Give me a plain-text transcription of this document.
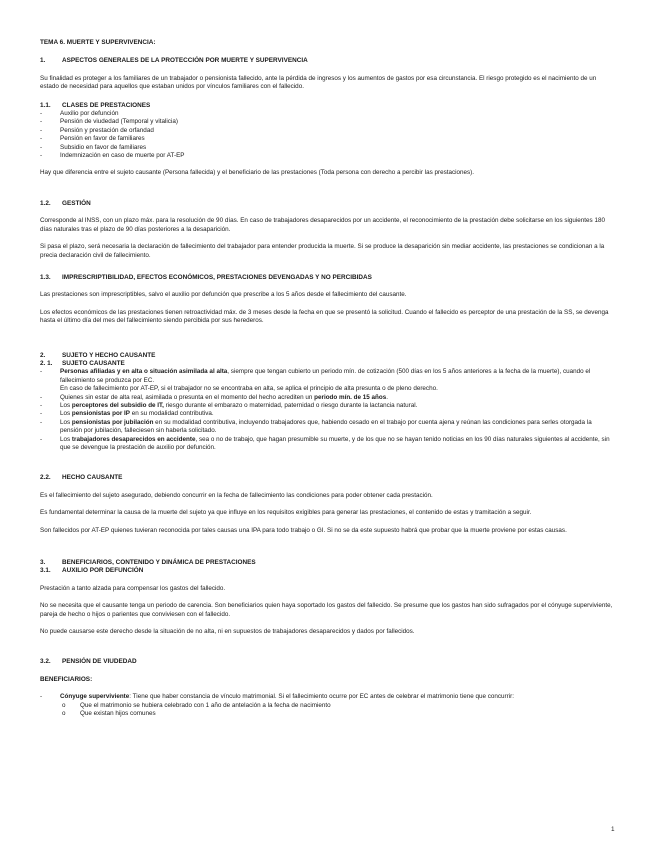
TEMA 6. MUERTE Y SUPERVIVENCIA:
1.	ASPECTOS GENERALES DE LA PROTECCIÓN POR MUERTE Y SUPERVIVENCIA
Su finalidad es proteger a los familiares de un trabajador o pensionista fallecido, ante la pérdida de ingresos y los aumentos de gastos por esa circunstancia. El riesgo protegido es el nacimiento de un estado de necesidad para aquellos que estaban unidos por vínculos familiares con el fallecido.
1.1. CLASES DE PRESTACIONES
- Auxilio por defunción
- Pensión de viudedad (Temporal y vitalicia)
- Pensión y prestación de orfandad
- Pensión en favor de familiares
- Subsidio en favor de familiares
- Indemnización en caso de muerte por AT-EP
Hay que diferencia entre el sujeto causante (Persona fallecida) y el beneficiario de las prestaciones (Toda persona con derecho a percibir las prestaciones).
1.2. GESTIÓN
Corresponde al INSS, con un plazo máx. para la resolución de 90 días. En caso de trabajadores desaparecidos por un accidente, el reconocimiento de la prestación debe solicitarse en los siguientes 180 días naturales tras el plazo de 90 días posteriores a la desaparición.
Si pasa el plazo, será necesaria la declaración de fallecimiento del trabajador para entender producida la muerte. Si se produce la desaparición sin mediar accidente, las prestaciones se condicionan a la precia declaración civil de fallecimiento.
1.3. IMPRESCRIPTIBILIDAD, EFECTOS ECONÓMICOS, PRESTACIONES DEVENGADAS Y NO PERCIBIDAS
Las prestaciones son imprescriptibles, salvo el auxilio por defunción que prescribe a los 5 años desde el fallecimiento del causante.
Los efectos económicos de las prestaciones tienen retroactividad máx. de 3 meses desde la fecha en que se presentó la solicitud. Cuando el fallecido es perceptor de una prestación de la SS, se devenga hasta el último día del mes del fallecimiento siendo percibida por sus herederos.
2.	SUJETO Y HECHO CAUSANTE
2. 1. SUJETO CAUSANTE
- Personas afiliadas y en alta o situación asimilada al alta, siempre que tengan cubierto un periodo mín. de cotización (500 días en los 5 años anteriores a la fecha de la muerte), cuando el fallecimiento se produzca por EC.
En caso de fallecimiento por AT-EP, si el trabajador no se encontraba en alta, se aplica el principio de alta presunta o de pleno derecho.
- Quienes sin estar de alta real, asimilada o presunta en el momento del hecho acrediten un periodo mín. de 15 años.
- Los perceptores del subsidio de IT, riesgo durante el embarazo o maternidad, paternidad o riesgo durante la lactancia natural.
- Los pensionistas por IP en su modalidad contributiva.
- Los pensionistas por jubilación en su modalidad contributiva, incluyendo trabajadores que, habiendo cesado en el trabajo por cuenta ajena y reúnan las condiciones para serles otorgada la pensión por jubilación, falleciesen sin haberla solicitado.
- Los trabajadores desaparecidos en accidente, sea o no de trabajo, que hagan presumible su muerte, y de los que no se hayan tenido noticias en los 90 días naturales siguientes al accidente, sin que se devengue la prestación de auxilio por defunción.
2.2. HECHO CAUSANTE
Es el fallecimiento del sujeto asegurado, debiendo concurrir en la fecha de fallecimiento las condiciones para poder obtener cada prestación.
Es fundamental determinar la causa de la muerte del sujeto ya que influye en los requisitos exigibles para generar las prestaciones, el contenido de estas y tramitación a seguir.
Son fallecidos por AT-EP quienes tuvieran reconocida por tales causas una IPA para todo trabajo o GI. Si no se da este supuesto habrá que probar que la muerte proviene por estas causas.
3.	BENEFICIARIOS, CONTENIDO Y DINÁMICA DE PRESTACIONES
3.1. AUXILIO POR DEFUNCIÓN
Prestación a tanto alzada para compensar los gastos del fallecido.
No se necesita que el causante tenga un periodo de carencia. Son beneficiarios quien haya soportado los gastos del fallecido. Se presume que los gastos han sido sufragados por el cónyuge superviviente, pareja de hecho o hijos o parientes que conviviesen con el fallecido.
No puede causarse este derecho desde la situación de no alta, ni en supuestos de trabajadores desaparecidos y dados por fallecidos.
3.2. PENSIÓN DE VIUDEDAD
BENEFICIARIOS:
- Cónyuge superviviente: Tiene que haber constancia de vínculo matrimonial. Si el fallecimiento ocurre por EC antes de celebrar el matrimonio tiene que concurrir:
o Que el matrimonio se hubiera celebrado con 1 año de antelación a la fecha de nacimiento
o Que existan hijos comunes
1
